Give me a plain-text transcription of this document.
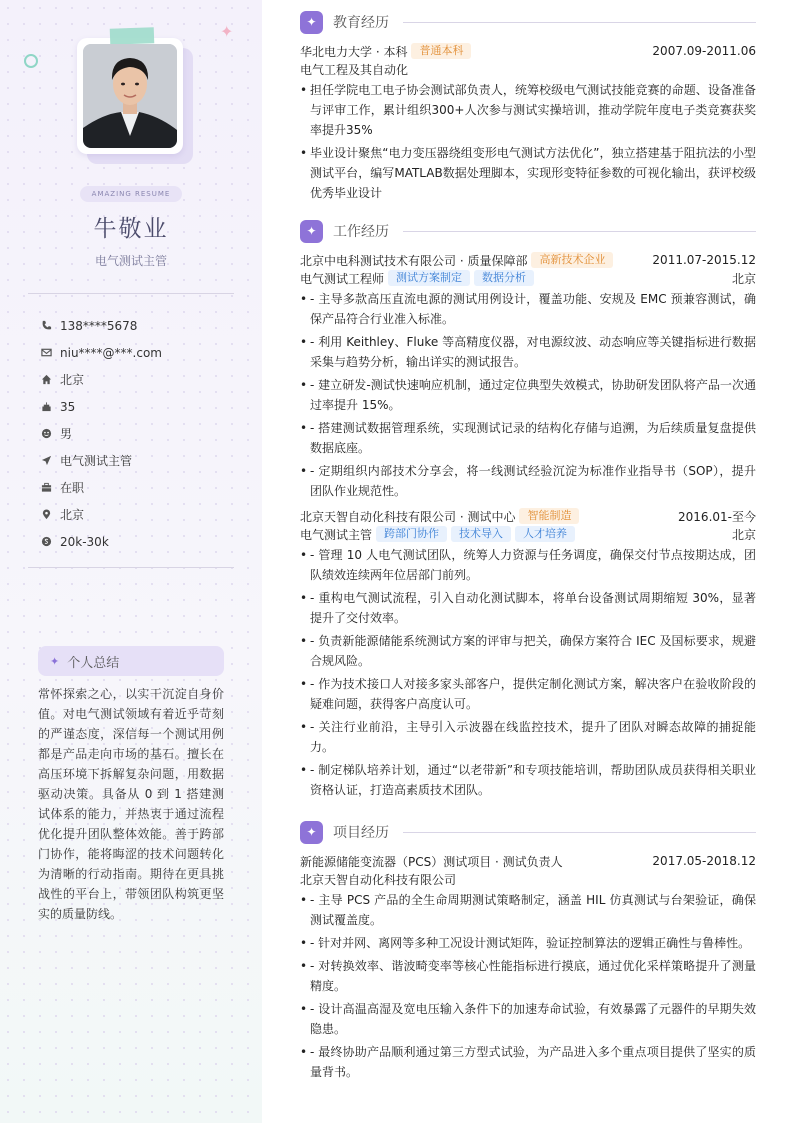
✦
AMAZING RESUME
牛敬业
电气测试主管
138****5678
niu****@***.com
北京
35
男
电气测试主管
在职
北京
20k-30k
✦ 个人总结
常怀探索之心，以实干沉淀自身价值。对电气测试领域有着近乎苛刻的严谨态度，深信每一个测试用例都是产品走向市场的基石。擅长在高压环境下拆解复杂问题，用数据驱动决策。具备从 0 到 1 搭建测试体系的能力，并热衷于通过流程优化提升团队整体效能。善于跨部门协作，能将晦涩的技术问题转化为清晰的行动指南。期待在更具挑战性的平台上，带领团队构筑更坚实的质量防线。
✦	教育经历
华北电力大学 · 本科	普通本科	2007.09-2011.06
电气工程及其自动化
• 担任学院电工电子协会测试部负责人，统筹校级电气测试技能竞赛的命题、设备准备与评审工作，累计组织300+人次参与测试实操培训，推动学院年度电子类竞赛获奖率提升35%
• 毕业设计聚焦“电力变压器绕组变形电气测试方法优化”，独立搭建基于阻抗法的小型测试平台，编写MATLAB数据处理脚本，实现形变特征参数的可视化输出，获评校级优秀毕业设计
✦	工作经历
北京中电科测试技术有限公司 · 质量保障部	高新技术企业	2011.07-2015.12
电气测试工程师	测试方案制定	数据分析	北京
• - 主导多款高压直流电源的测试用例设计，覆盖功能、安规及 EMC 预兼容测试，确保产品符合行业准入标准。
• - 利用 Keithley、Fluke 等高精度仪器，对电源纹波、动态响应等关键指标进行数据采集与趋势分析，输出详实的测试报告。
• - 建立研发-测试快速响应机制，通过定位典型失效模式，协助研发团队将产品一次通过率提升 15%。
• - 搭建测试数据管理系统，实现测试记录的结构化存储与追溯，为后续质量复盘提供数据底座。
• - 定期组织内部技术分享会，将一线测试经验沉淀为标准作业指导书（SOP），提升团队作业规范性。
北京天智自动化科技有限公司 · 测试中心	智能制造	2016.01-至今
电气测试主管	跨部门协作	技术导入	人才培养	北京
• - 管理 10 人电气测试团队，统筹人力资源与任务调度，确保交付节点按期达成，团队绩效连续两年位居部门前列。
• - 重构电气测试流程，引入自动化测试脚本，将单台设备测试周期缩短 30%，显著提升了交付效率。
• - 负责新能源储能系统测试方案的评审与把关，确保方案符合 IEC 及国标要求，规避合规风险。
• - 作为技术接口人对接多家头部客户，提供定制化测试方案，解决客户在验收阶段的疑难问题，获得客户高度认可。
• - 关注行业前沿，主导引入示波器在线监控技术，提升了团队对瞬态故障的捕捉能力。
• - 制定梯队培养计划，通过“以老带新”和专项技能培训，帮助团队成员获得相关职业资格认证，打造高素质技术团队。
✦	项目经历
新能源储能变流器（PCS）测试项目 · 测试负责人	2017.05-2018.12
北京天智自动化科技有限公司
• - 主导 PCS 产品的全生命周期测试策略制定，涵盖 HIL 仿真测试与台架验证，确保测试覆盖度。
• - 针对并网、离网等多种工况设计测试矩阵，验证控制算法的逻辑正确性与鲁棒性。
• - 对转换效率、谐波畸变率等核心性能指标进行摸底，通过优化采样策略提升了测量精度。
• - 设计高温高湿及宽电压输入条件下的加速寿命试验，有效暴露了元器件的早期失效隐患。
• - 最终协助产品顺利通过第三方型式试验，为产品进入多个重点项目提供了坚实的质量背书。
